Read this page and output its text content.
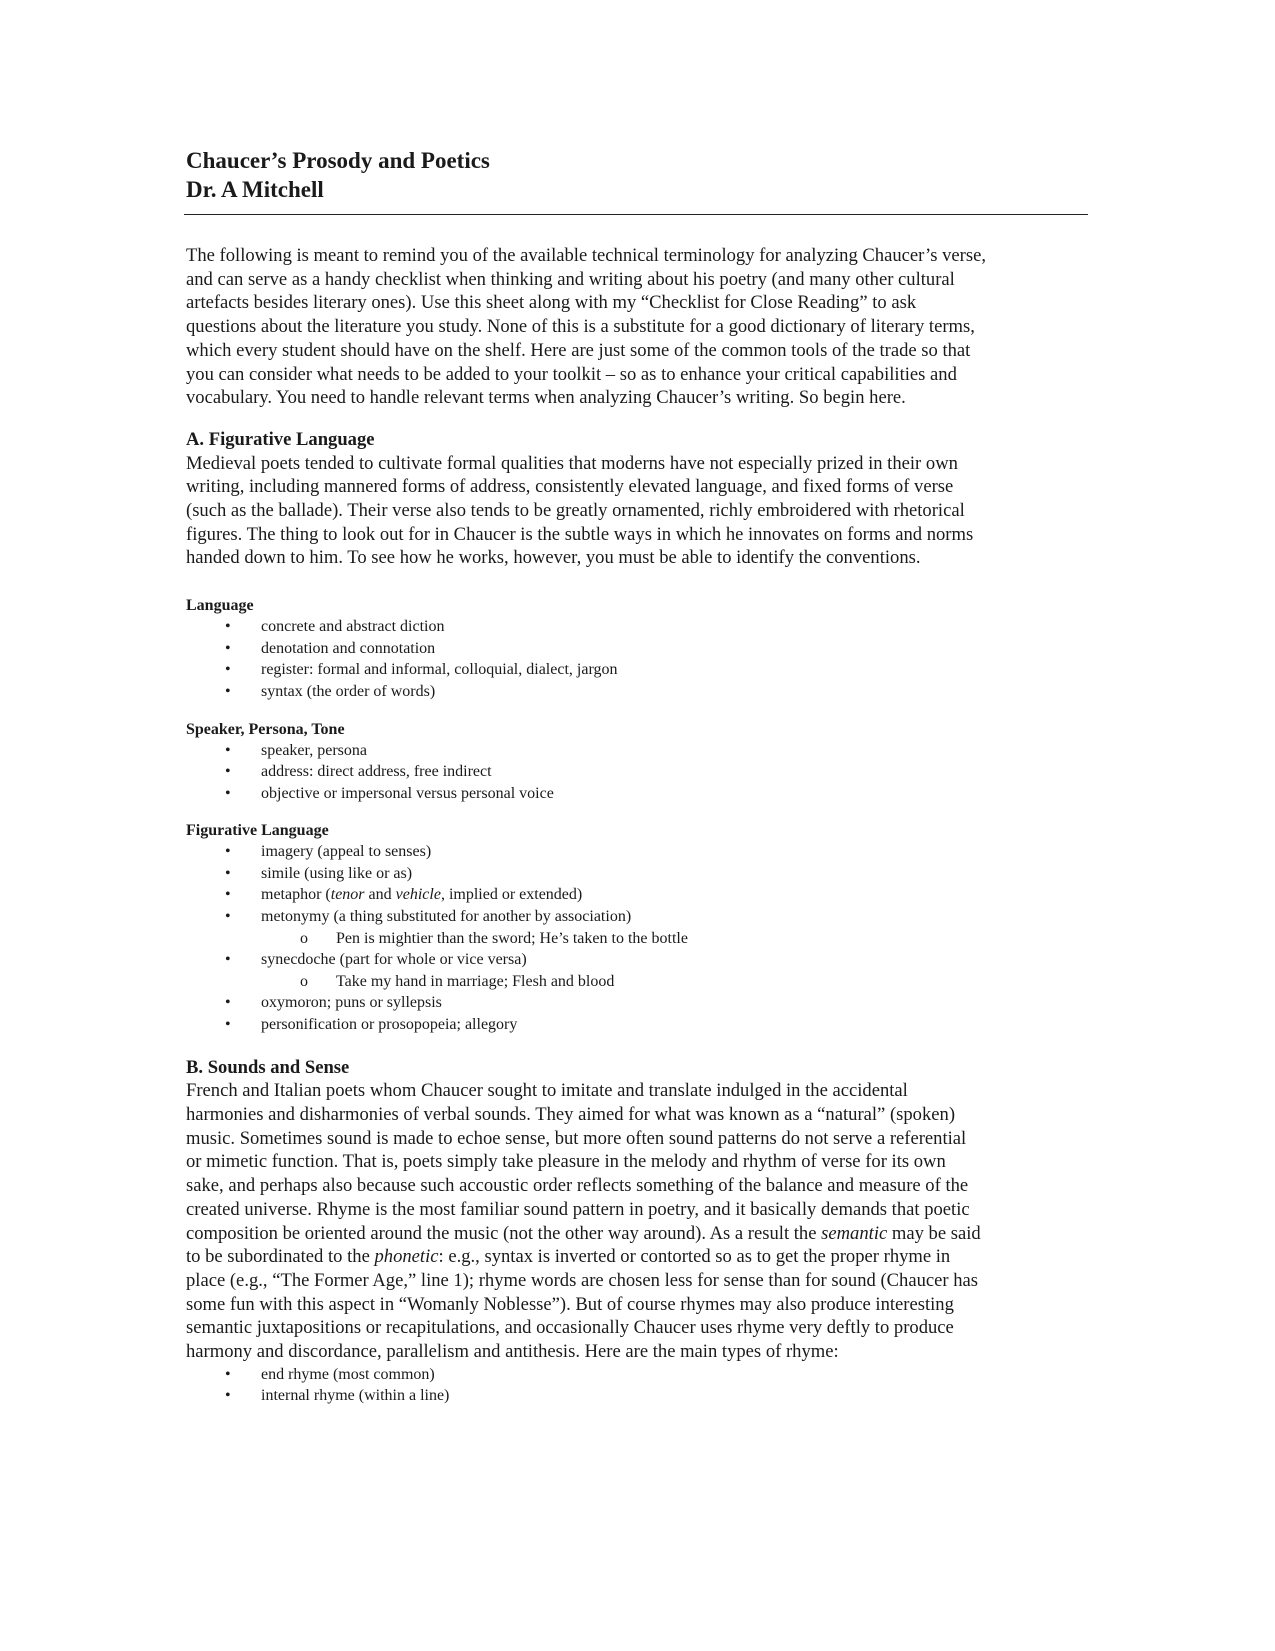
Chaucer’s Prosody and Poetics
Dr. A Mitchell

The following is meant to remind you of the available technical terminology for analyzing Chaucer’s verse,
and can serve as a handy checklist when thinking and writing about his poetry (and many other cultural
artefacts besides literary ones). Use this sheet along with my “Checklist for Close Reading” to ask
questions about the literature you study. None of this is a substitute for a good dictionary of literary terms,
which every student should have on the shelf. Here are just some of the common tools of the trade so that
you can consider what needs to be added to your toolkit – so as to enhance your critical capabilities and
vocabulary. You need to handle relevant terms when analyzing Chaucer’s writing. So begin here.

A. Figurative Language

Medieval poets tended to cultivate formal qualities that moderns have not especially prized in their own
writing, including mannered forms of address, consistently elevated language, and fixed forms of verse
(such as the ballade). Their verse also tends to be greatly ornamented, richly embroidered with rhetorical
figures. The thing to look out for in Chaucer is the subtle ways in which he innovates on forms and norms
handed down to him. To see how he works, however, you must be able to identify the conventions.

Language
• concrete and abstract diction
• denotation and connotation
• register: formal and informal, colloquial, dialect, jargon
• syntax (the order of words)
Speaker, Persona, Tone
• speaker, persona
• address: direct address, free indirect
• objective or impersonal versus personal voice
Figurative Language
• imagery (appeal to senses)
• simile (using like or as)
• metaphor (tenor and vehicle, implied or extended)
• metonymy (a thing substituted for another by association)
o Pen is mightier than the sword; He’s taken to the bottle
• synecdoche (part for whole or vice versa)
o Take my hand in marriage; Flesh and blood
• oxymoron; puns or syllepsis
• personification or prosopopeia; allegory
B. Sounds and Sense

French and Italian poets whom Chaucer sought to imitate and translate indulged in the accidental
harmonies and disharmonies of verbal sounds. They aimed for what was known as a “natural” (spoken)
music. Sometimes sound is made to echoe sense, but more often sound patterns do not serve a referential
or mimetic function. That is, poets simply take pleasure in the melody and rhythm of verse for its own
sake, and perhaps also because such accoustic order reflects something of the balance and measure of the
created universe. Rhyme is the most familiar sound pattern in poetry, and it basically demands that poetic
composition be oriented around the music (not the other way around). As a result the semantic may be said
to be subordinated to the phonetic: e.g., syntax is inverted or contorted so as to get the proper rhyme in
place (e.g., “The Former Age,” line 1); rhyme words are chosen less for sense than for sound (Chaucer has
some fun with this aspect in “Womanly Noblesse”). But of course rhymes may also produce interesting
semantic juxtapositions or recapitulations, and occasionally Chaucer uses rhyme very deftly to produce
harmony and discordance, parallelism and antithesis. Here are the main types of rhyme:

• end rhyme (most common)
• internal rhyme (within a line)
